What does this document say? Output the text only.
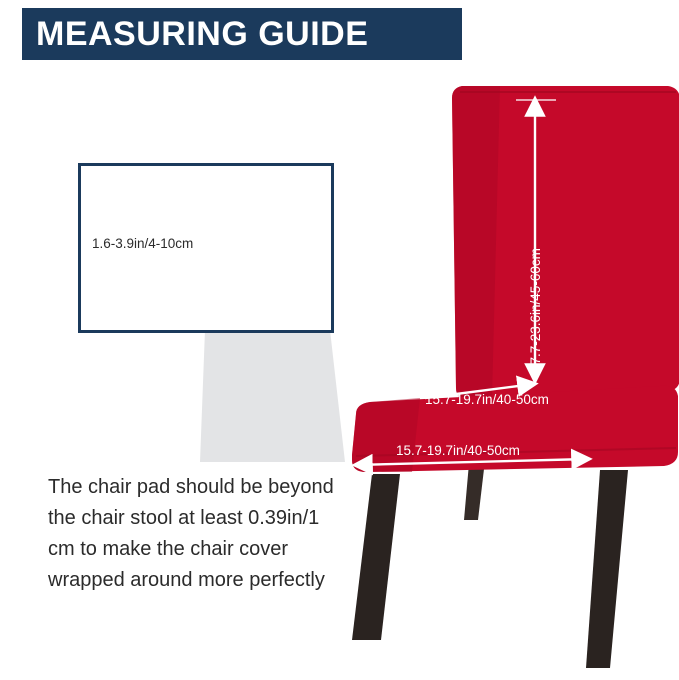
MEASURING GUIDE
1.6-3.9in/4-10cm
17.7-23.6in/45-60cm
15.7-19.7in/40-50cm
15.7-19.7in/40-50cm
The chair pad should be beyond the chair stool at least 0.39in/1 cm to make the chair cover wrapped around more perfectly
